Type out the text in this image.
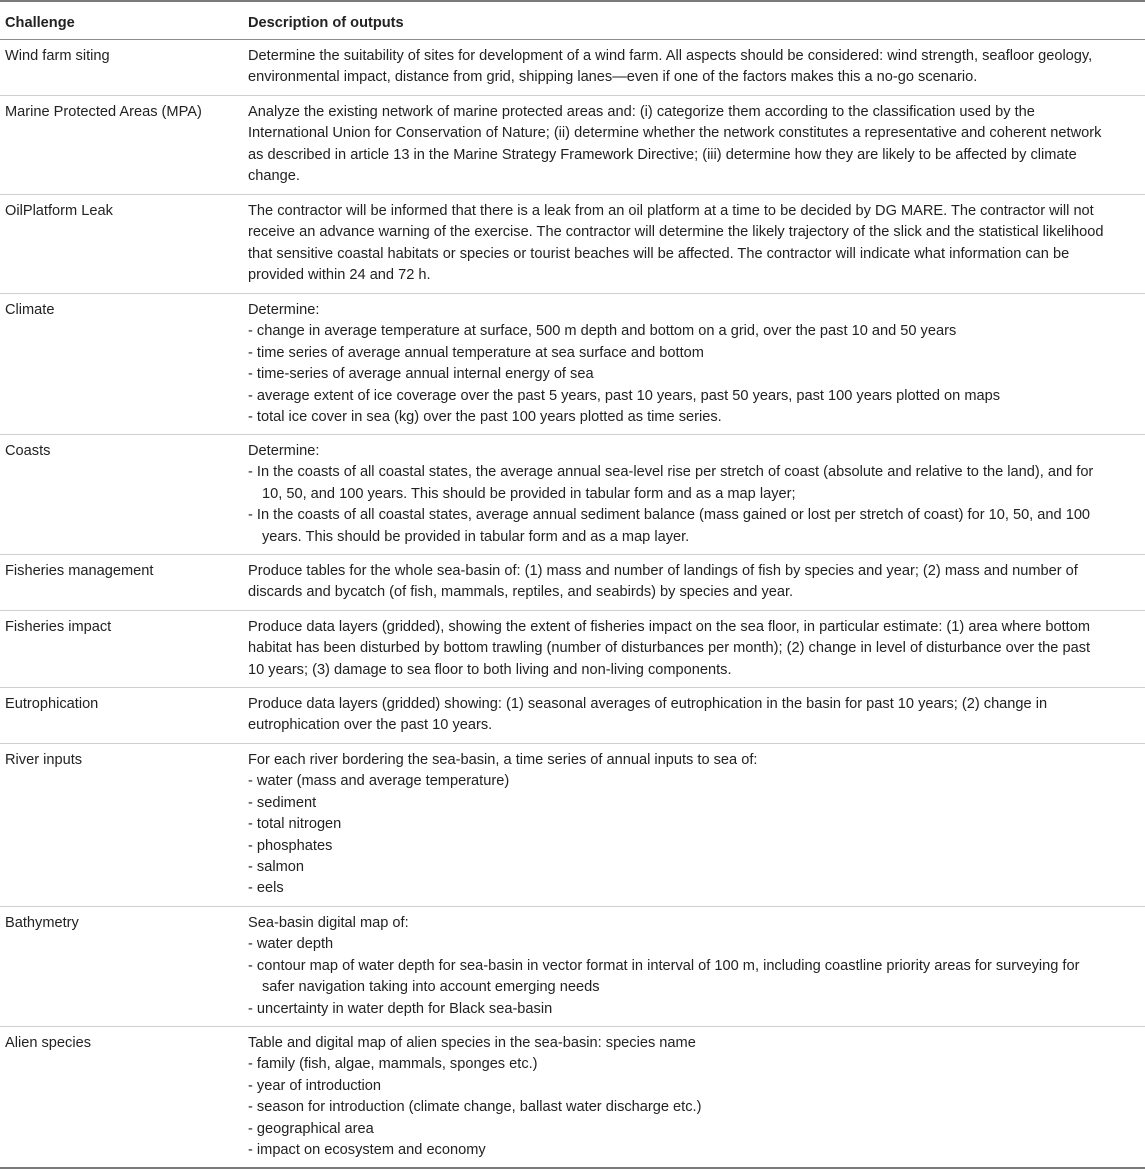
Challenge	Description of outputs
Wind farm siting	Determine the suitability of sites for development of a wind farm. All aspects should be considered: wind strength, seafloor geology,
environmental impact, distance from grid, shipping lanes—even if one of the factors makes this a no-go scenario.
Marine Protected Areas (MPA)	Analyze the existing network of marine protected areas and: (i) categorize them according to the classification used by the
International Union for Conservation of Nature; (ii) determine whether the network constitutes a representative and coherent network
as described in article 13 in the Marine Strategy Framework Directive; (iii) determine how they are likely to be affected by climate
change.
OilPlatform Leak	The contractor will be informed that there is a leak from an oil platform at a time to be decided by DG MARE. The contractor will not
receive an advance warning of the exercise. The contractor will determine the likely trajectory of the slick and the statistical likelihood
that sensitive coastal habitats or species or tourist beaches will be affected. The contractor will indicate what information can be
provided within 24 and 72 h.
Climate	Determine:
- change in average temperature at surface, 500 m depth and bottom on a grid, over the past 10 and 50 years
- time series of average annual temperature at sea surface and bottom
- time-series of average annual internal energy of sea
- average extent of ice coverage over the past 5 years, past 10 years, past 50 years, past 100 years plotted on maps
- total ice cover in sea (kg) over the past 100 years plotted as time series.
Coasts	Determine:
- In the coasts of all coastal states, the average annual sea-level rise per stretch of coast (absolute and relative to the land), and for
10, 50, and 100 years. This should be provided in tabular form and as a map layer;
- In the coasts of all coastal states, average annual sediment balance (mass gained or lost per stretch of coast) for 10, 50, and 100
years. This should be provided in tabular form and as a map layer.
Fisheries management	Produce tables for the whole sea-basin of: (1) mass and number of landings of fish by species and year; (2) mass and number of
discards and bycatch (of fish, mammals, reptiles, and seabirds) by species and year.
Fisheries impact	Produce data layers (gridded), showing the extent of fisheries impact on the sea floor, in particular estimate: (1) area where bottom
habitat has been disturbed by bottom trawling (number of disturbances per month); (2) change in level of disturbance over the past
10 years; (3) damage to sea floor to both living and non-living components.
Eutrophication	Produce data layers (gridded) showing: (1) seasonal averages of eutrophication in the basin for past 10 years; (2) change in
eutrophication over the past 10 years.
River inputs	For each river bordering the sea-basin, a time series of annual inputs to sea of:
- water (mass and average temperature)
- sediment
- total nitrogen
- phosphates
- salmon
- eels
Bathymetry	Sea-basin digital map of:
- water depth
- contour map of water depth for sea-basin in vector format in interval of 100 m, including coastline priority areas for surveying for
safer navigation taking into account emerging needs
- uncertainty in water depth for Black sea-basin
Alien species	Table and digital map of alien species in the sea-basin: species name
- family (fish, algae, mammals, sponges etc.)
- year of introduction
- season for introduction (climate change, ballast water discharge etc.)
- geographical area
- impact on ecosystem and economy
